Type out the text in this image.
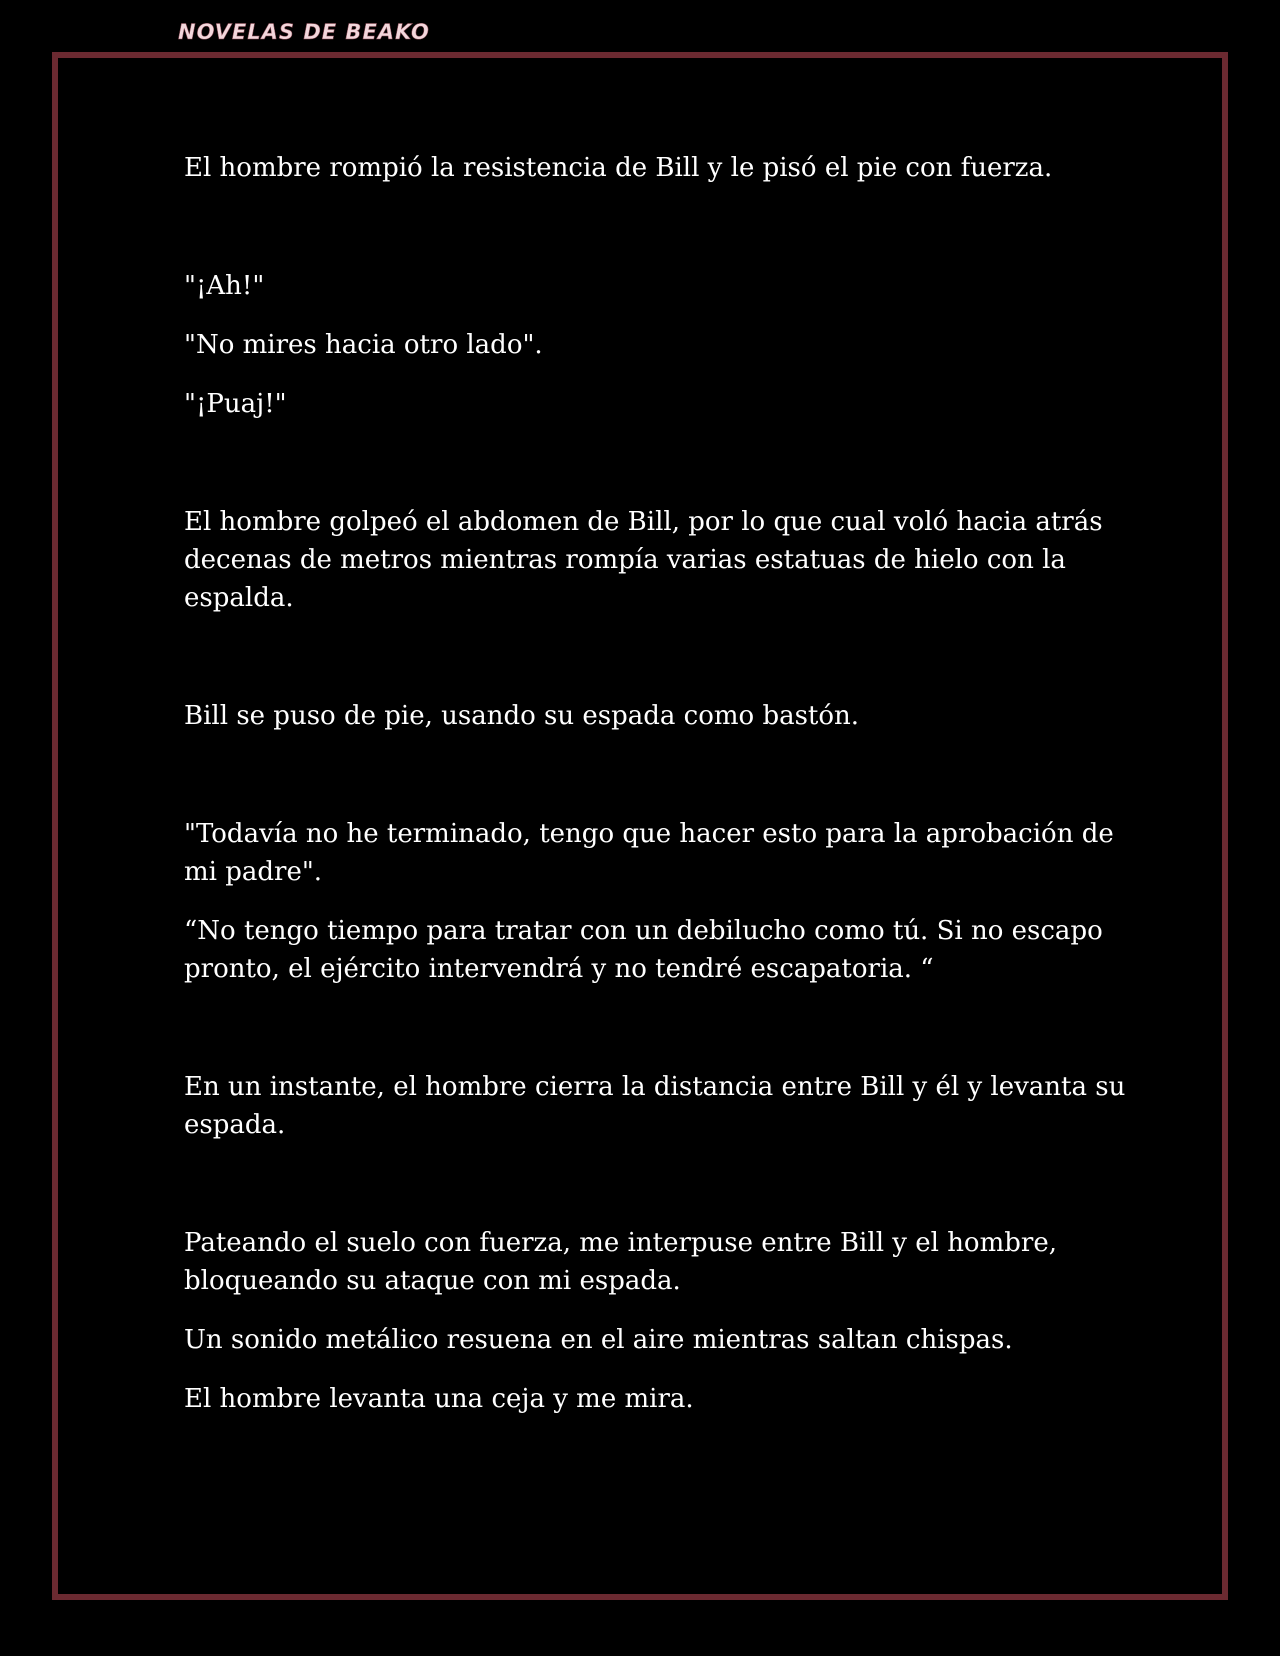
NOVELAS DE BEAKO

El hombre rompió la resistencia de Bill y le pisó el pie con fuerza.

"¡Ah!"

"No mires hacia otro lado".

"¡Puaj!"

El hombre golpeó el abdomen de Bill, por lo que cual voló hacia atrás decenas de metros mientras rompía varias estatuas de hielo con la espalda.

Bill se puso de pie, usando su espada como bastón.

"Todavía no he terminado, tengo que hacer esto para la aprobación de mi padre".

“No tengo tiempo para tratar con un debilucho como tú. Si no escapo pronto, el ejército intervendrá y no tendré escapatoria. “

En un instante, el hombre cierra la distancia entre Bill y él y levanta su espada.

Pateando el suelo con fuerza, me interpuse entre Bill y el hombre, bloqueando su ataque con mi espada.

Un sonido metálico resuena en el aire mientras saltan chispas.

El hombre levanta una ceja y me mira.
